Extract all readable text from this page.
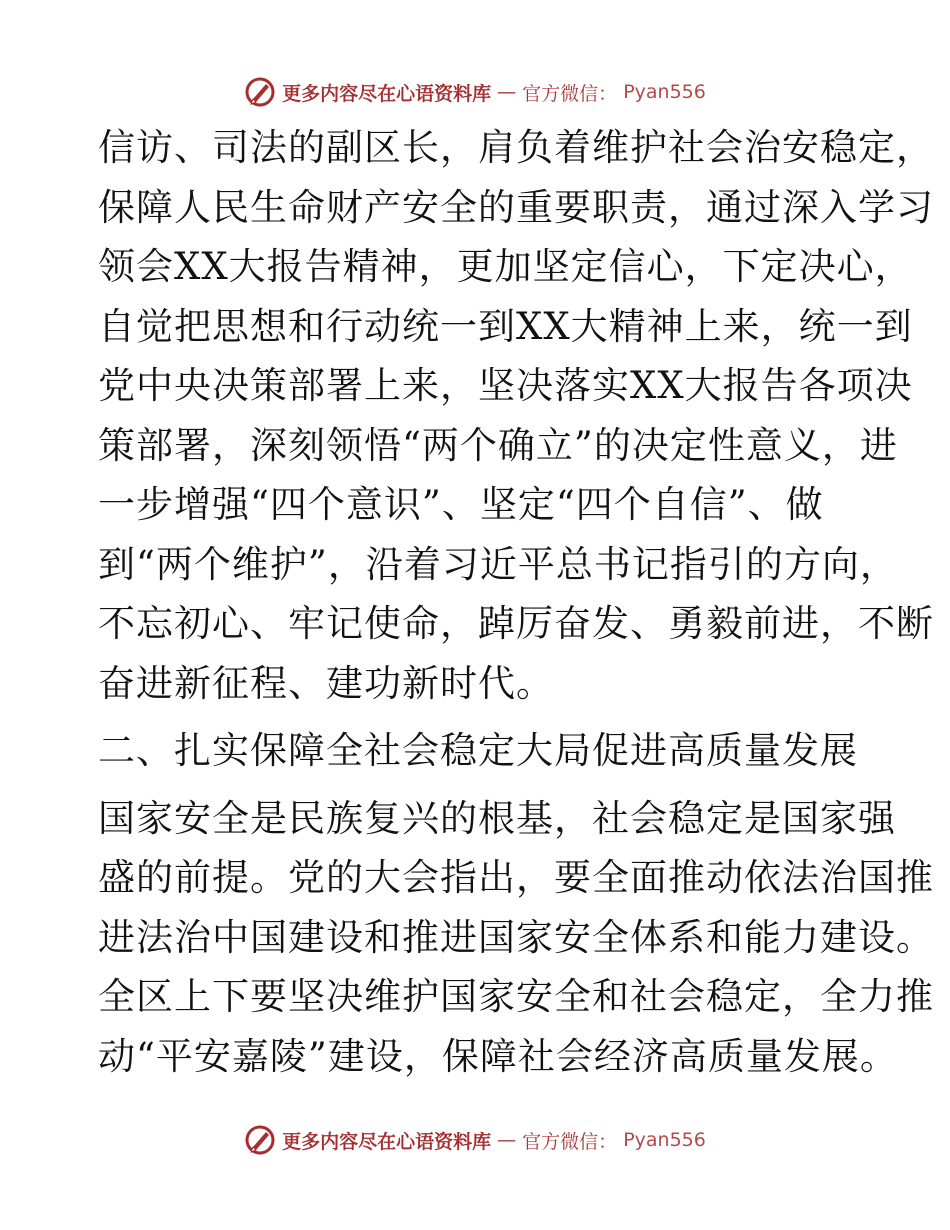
更多内容尽在心语资料库 — 官方微信： Pyan556
信访、司法的副区长，肩负着维护社会治安稳定，
保障人民生命财产安全的重要职责，通过深入学习
领会XX大报告精神，更加坚定信心，下定决心，
自觉把思想和行动统一到XX大精神上来，统一到
党中央决策部署上来，坚决落实XX大报告各项决
策部署，深刻领悟“两个确立”的决定性意义，进
一步增强“四个意识”、坚定“四个自信”、做
到“两个维护”，沿着习近平总书记指引的方向，
不忘初心、牢记使命，踔厉奋发、勇毅前进，不断
奋进新征程、建功新时代。
二、扎实保障全社会稳定大局促进高质量发展
国家安全是民族复兴的根基，社会稳定是国家强
盛的前提。党的大会指出，要全面推动依法治国推
进法治中国建设和推进国家安全体系和能力建设。
全区上下要坚决维护国家安全和社会稳定，全力推
动“平安嘉陵”建设，保障社会经济高质量发展。
更多内容尽在心语资料库 — 官方微信： Pyan556
